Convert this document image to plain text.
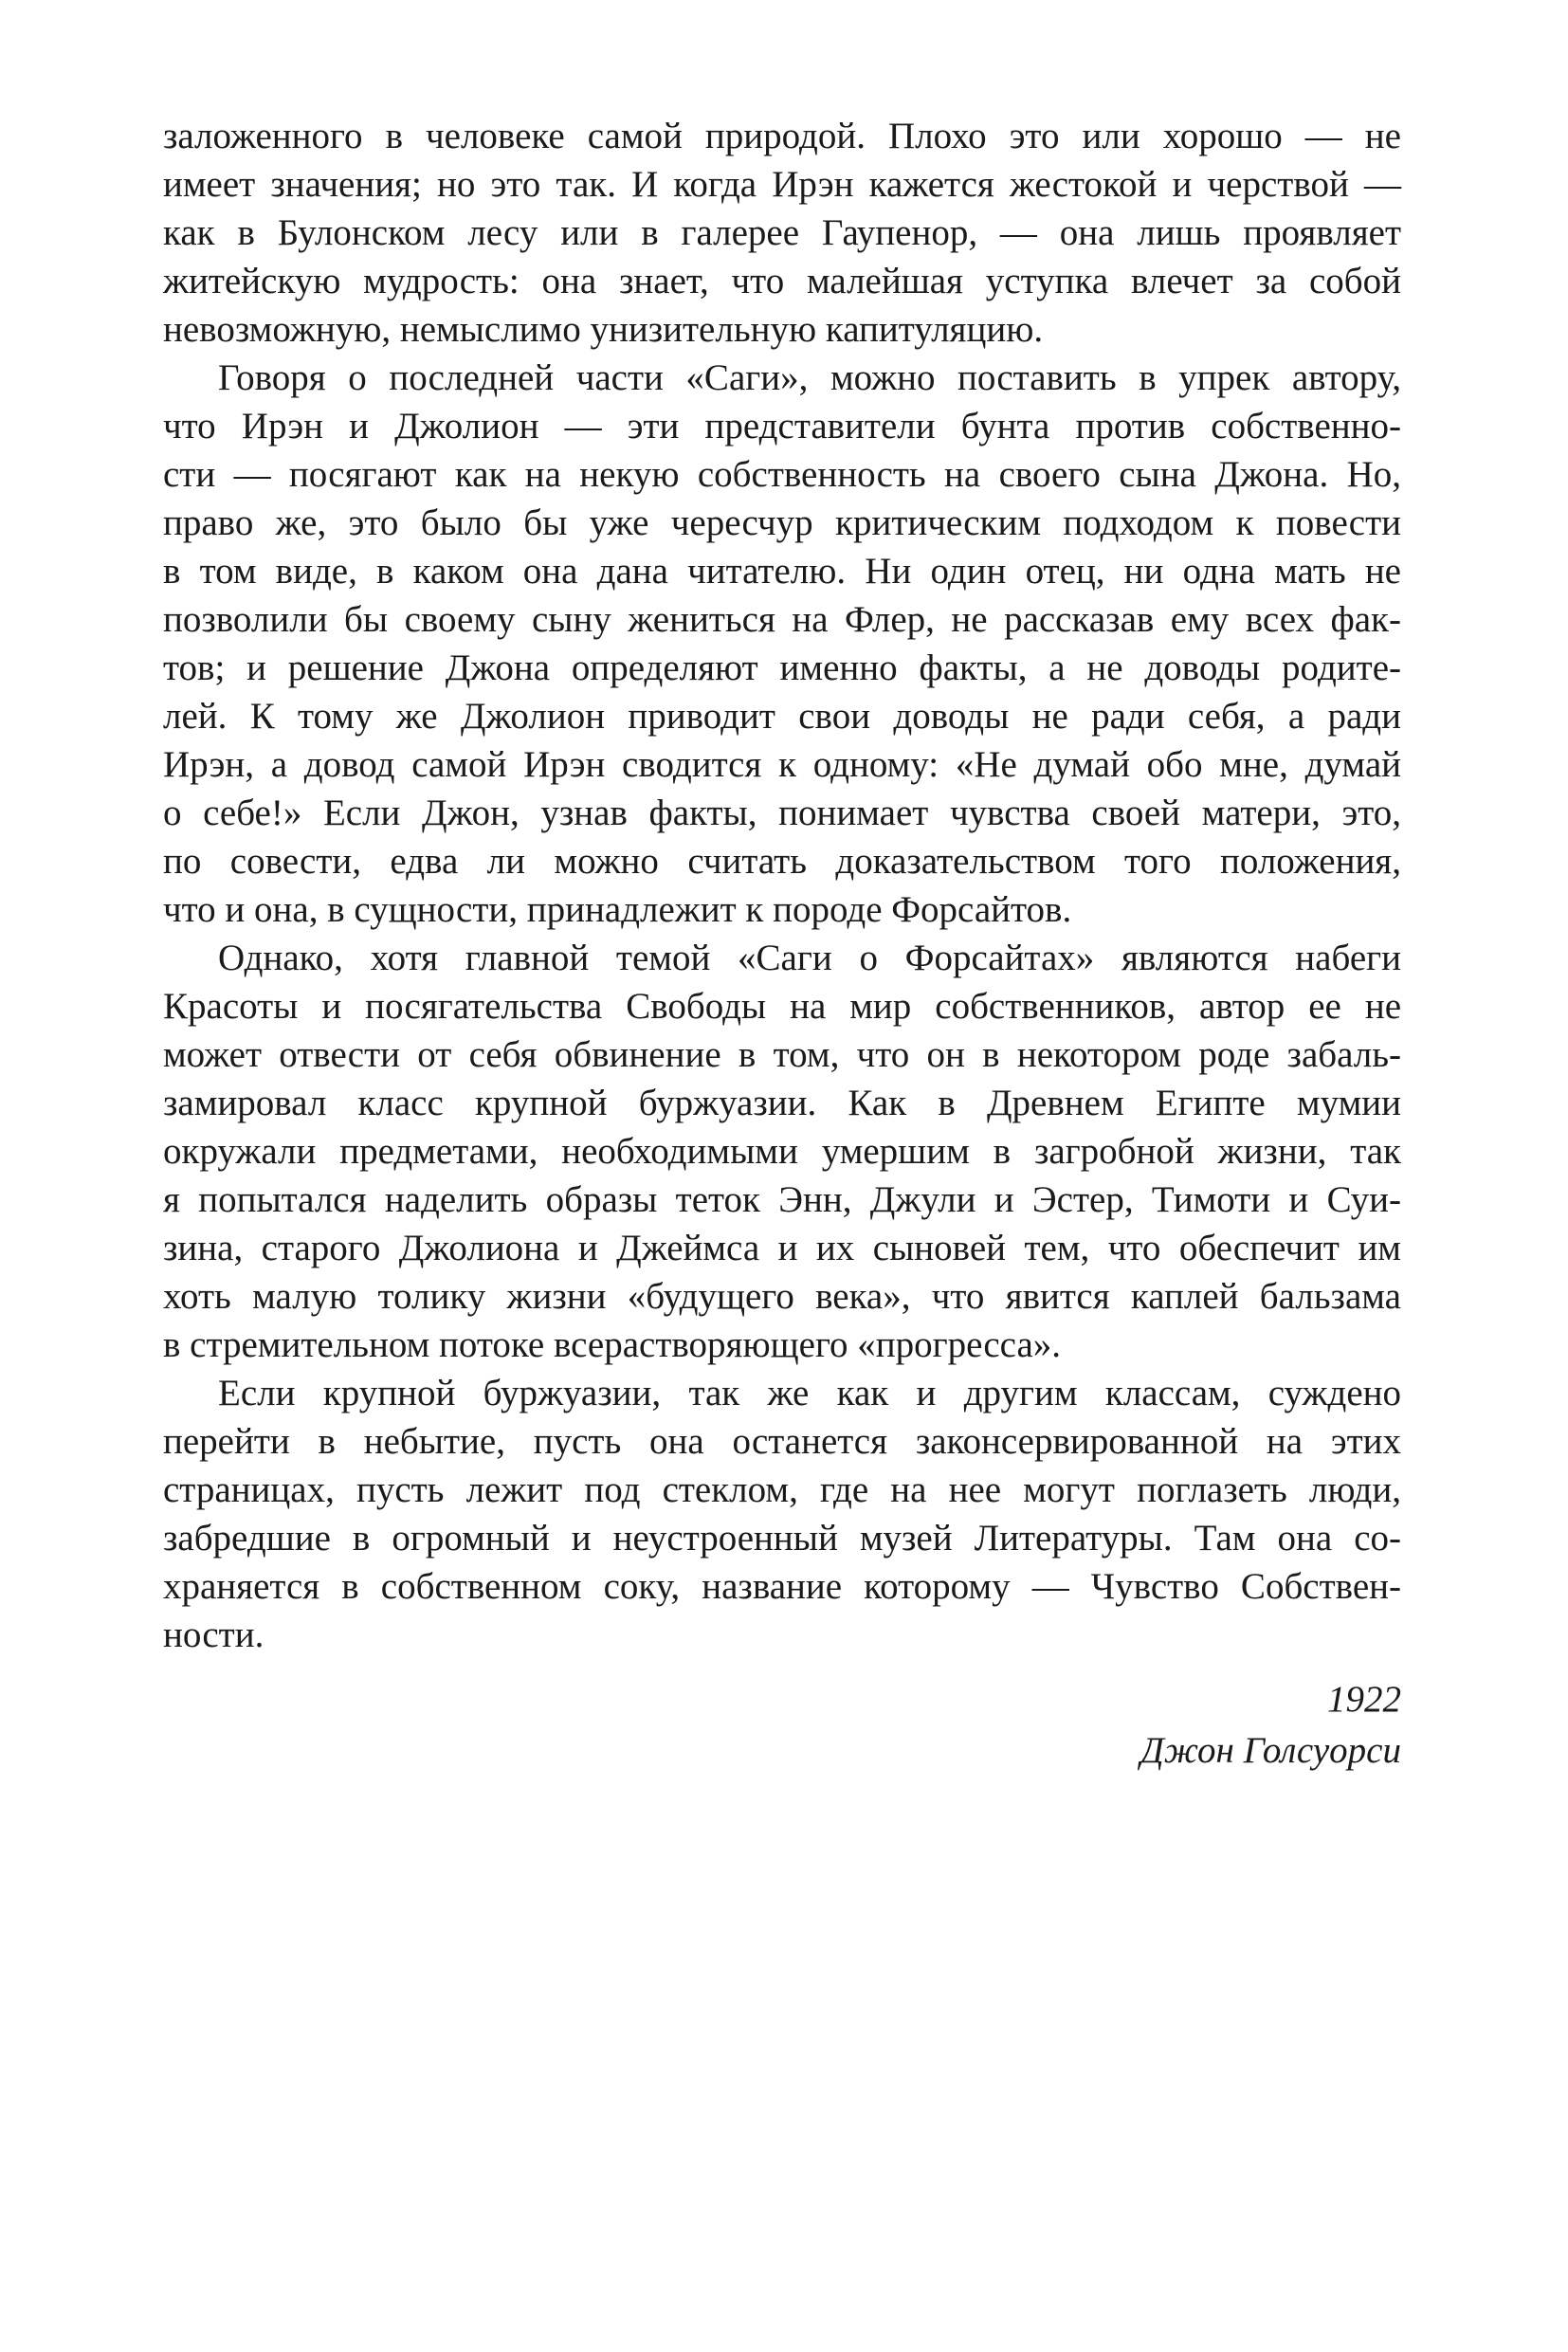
заложенного в человеке самой природой. Плохо это или хорошо — не
имеет значения; но это так. И когда Ирэн кажется жестокой и черствой —
как в Булонском лесу или в галерее Гаупенор, — она лишь проявляет
житейскую мудрость: она знает, что малейшая уступка влечет за собой
невозможную, немыслимо унизительную капитуляцию.
Говоря о последней части «Саги», можно поставить в упрек автору,
что Ирэн и Джолион — эти представители бунта против собственно-
сти — посягают как на некую собственность на своего сына Джона. Но,
право же, это было бы уже чересчур критическим подходом к повести
в том виде, в каком она дана читателю. Ни один отец, ни одна мать не
позволили бы своему сыну жениться на Флер, не рассказав ему всех фак-
тов; и решение Джона определяют именно факты, а не доводы родите-
лей. К тому же Джолион приводит свои доводы не ради себя, а ради
Ирэн, а довод самой Ирэн сводится к одному: «Не думай обо мне, думай
о себе!» Если Джон, узнав факты, понимает чувства своей матери, это,
по совести, едва ли можно считать доказательством того положения,
что и она, в сущности, принадлежит к породе Форсайтов.
Однако, хотя главной темой «Саги о Форсайтах» являются набеги
Красоты и посягательства Свободы на мир собственников, автор ее не
может отвести от себя обвинение в том, что он в некотором роде забаль-
замировал класс крупной буржуазии. Как в Древнем Египте мумии
окружали предметами, необходимыми умершим в загробной жизни, так
я попытался наделить образы теток Энн, Джули и Эстер, Тимоти и Суи-
зина, старого Джолиона и Джеймса и их сыновей тем, что обеспечит им
хоть малую толику жизни «будущего века», что явится каплей бальзама
в стремительном потоке всерастворяющего «прогресса».
Если крупной буржуазии, так же как и другим классам, суждено
перейти в небытие, пусть она останется законсервированной на этих
страницах, пусть лежит под стеклом, где на нее могут поглазеть люди,
забредшие в огромный и неустроенный музей Литературы. Там она со-
храняется в собственном соку, название которому — Чувство Собствен-
ности.
1922
Джон Голсуорси
